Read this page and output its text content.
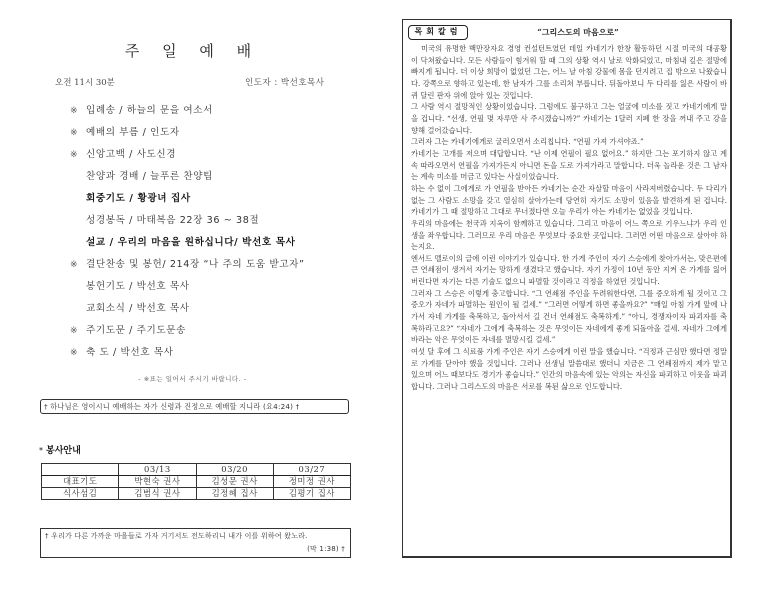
주 일 예 배
오전 11시 30분	인도자 : 박선호목사
※ 입례송 / 하늘의 문을 여소서
※ 예배의 부름 / 인도자
※ 신앙고백 / 사도신경
찬양과 경배 / 늘푸른 찬양팀
회중기도 / 황광녀 집사
성경봉독 / 마태복음 22장 36 ~ 38절
설교 / 우리의 마음을 원하십니다/ 박선호 목사
※ 결단찬송 및 봉헌/ 214장 “나 주의 도움 받고자”
봉헌기도 / 박선호 목사
교회소식 / 박선호 목사
※ 주기도문 / 주기도문송
※ 축 도 / 박선호 목사
- ※표는 일어서 주시기 바랍니다. -
† 하나님은 영이시니 예배하는 자가 신령과 진정으로 예배할 지니라 (요4:24) †
* 봉사안내
	03/13	03/20	03/27
대표기도	박현숙 권사	김성문 권사	정미정 권사
식사섬김	김범식 권사	김정혜 집사	김평기 집사
† 우리가 다른 가까운 마을들로 가자 거기서도 전도하리니 내가 이를 위하여 왔노라.
(막 1:38) †
목회칼럼	“그리스도의 마음으로”

미국의 유명한 백만장자요 경영 컨설턴트였던 데일 카네기가 한창 활동하던 시절 미국의 대공황이 닥쳐왔습니다. 모든 사람들이 힘겨워 할 때 그의 상황 역시 날로 악화되었고, 마침내 깊은 절망에 빠지게 됩니다. 더 이상 희망이 없었던 그는, 어느 날 아침 강물에 몸을 던지려고 집 밖으로 나왔습니다. 강쪽으로 향하고 있는데, 한 남자가 그를 소리쳐 부릅니다. 뒤돌아보니 두 다리를 잃은 사람이 바퀴 달린 판자 위에 앉아 있는 것입니다.

그 사람 역시 절망적인 상황이었습니다. 그럼에도 불구하고 그는 얼굴에 미소를 짓고 카네기에게 말을 겁니다. “선생, 연필 몇 자루만 사 주시겠습니까?” 카네기는 1달러 지폐 한 장을 꺼내 주고 강을 향해 걸어갔습니다.

그러자 그는 카네기에게로 굴러오면서 소리칩니다. “연필 가져 가셔야죠.”

카네기는 고개를 저으며 대답합니다. “난 이제 연필이 필요 없어요.” 하지만 그는 포기하지 않고 계속 따라오면서 연필을 가져가든지 아니면 돈을 도로 가져가라고 말합니다. 더욱 놀라운 것은 그 남자는 계속 미소를 머금고 있다는 사실이었습니다.

하는 수 없이 그에게로 가 연필을 받아든 카네기는 순간 자살할 마음이 사라져버렸습니다. 두 다리가 없는 그 사람도 소망을 갖고 열심히 살아가는데 당연히 자기도 소망이 있음을 발견하게 된 겁니다. 카네기가 그 때 절망하고 그대로 무너졌다면 오늘 우리가 아는 카네기는 없었을 것입니다.

우리의 마음에는 천국과 지옥이 함께하고 있습니다. 그리고 마음이 어느 쪽으로 기우느냐가 우리 인생을 좌우합니다. 그러므로 우리 마음은 무엇보다 중요한 곳입니다. 그러면 어떤 마음으로 살아야 하는지요.

엔서드 멜로이의 글에 이런 이야기가 있습니다. 한 가게 주인이 자기 스승에게 찾아가서는, 맞은편에 큰 연쇄점이 생겨서 자기는 망하게 생겼다고 했습니다. 자기 가정이 10년 동안 지켜 온 가게를 잃어버린다면 자기는 다른 기술도 없으니 파멸할 것이라고 걱정을 하였던 것입니다.

그러자 그 스승은 이렇게 충고합니다. “그 연쇄점 주인을 두려워한다면, 그를 증오하게 될 것이고 그 증오가 자네가 파멸하는 원인이 될 걸세.” “그러면 어떻게 하면 좋을까요?” “매일 아침 가게 앞에 나가서 자네 가게를 축복하고, 돌아서서 길 건너 연쇄점도 축복하게.” “아니, 경쟁자이자 파괴자를 축복하라고요?” “자네가 그에게 축복하는 것은 무엇이든 자네에게 좋게 되돌아올 걸세. 자네가 그에게 바라는 악은 무엇이든 자네를 멸망시킬 걸세.”

여섯 달 후에 그 식료품 가게 주인은 자기 스승에게 이런 말을 했습니다. “걱정과 근심만 했다면 정말로 가게를 닫아야 했을 것입니다. 그러나 선생님 말씀대로 했더니 지금은 그 연쇄점까지 제가 맡고 있으며 어느 때보다도 경기가 좋습니다.” 인간의 마음속에 있는 악의는 자신을 파괴하고 이웃을 파괴합니다. 그러나 그리스도의 마음은 서로를 복된 삶으로 인도합니다.
